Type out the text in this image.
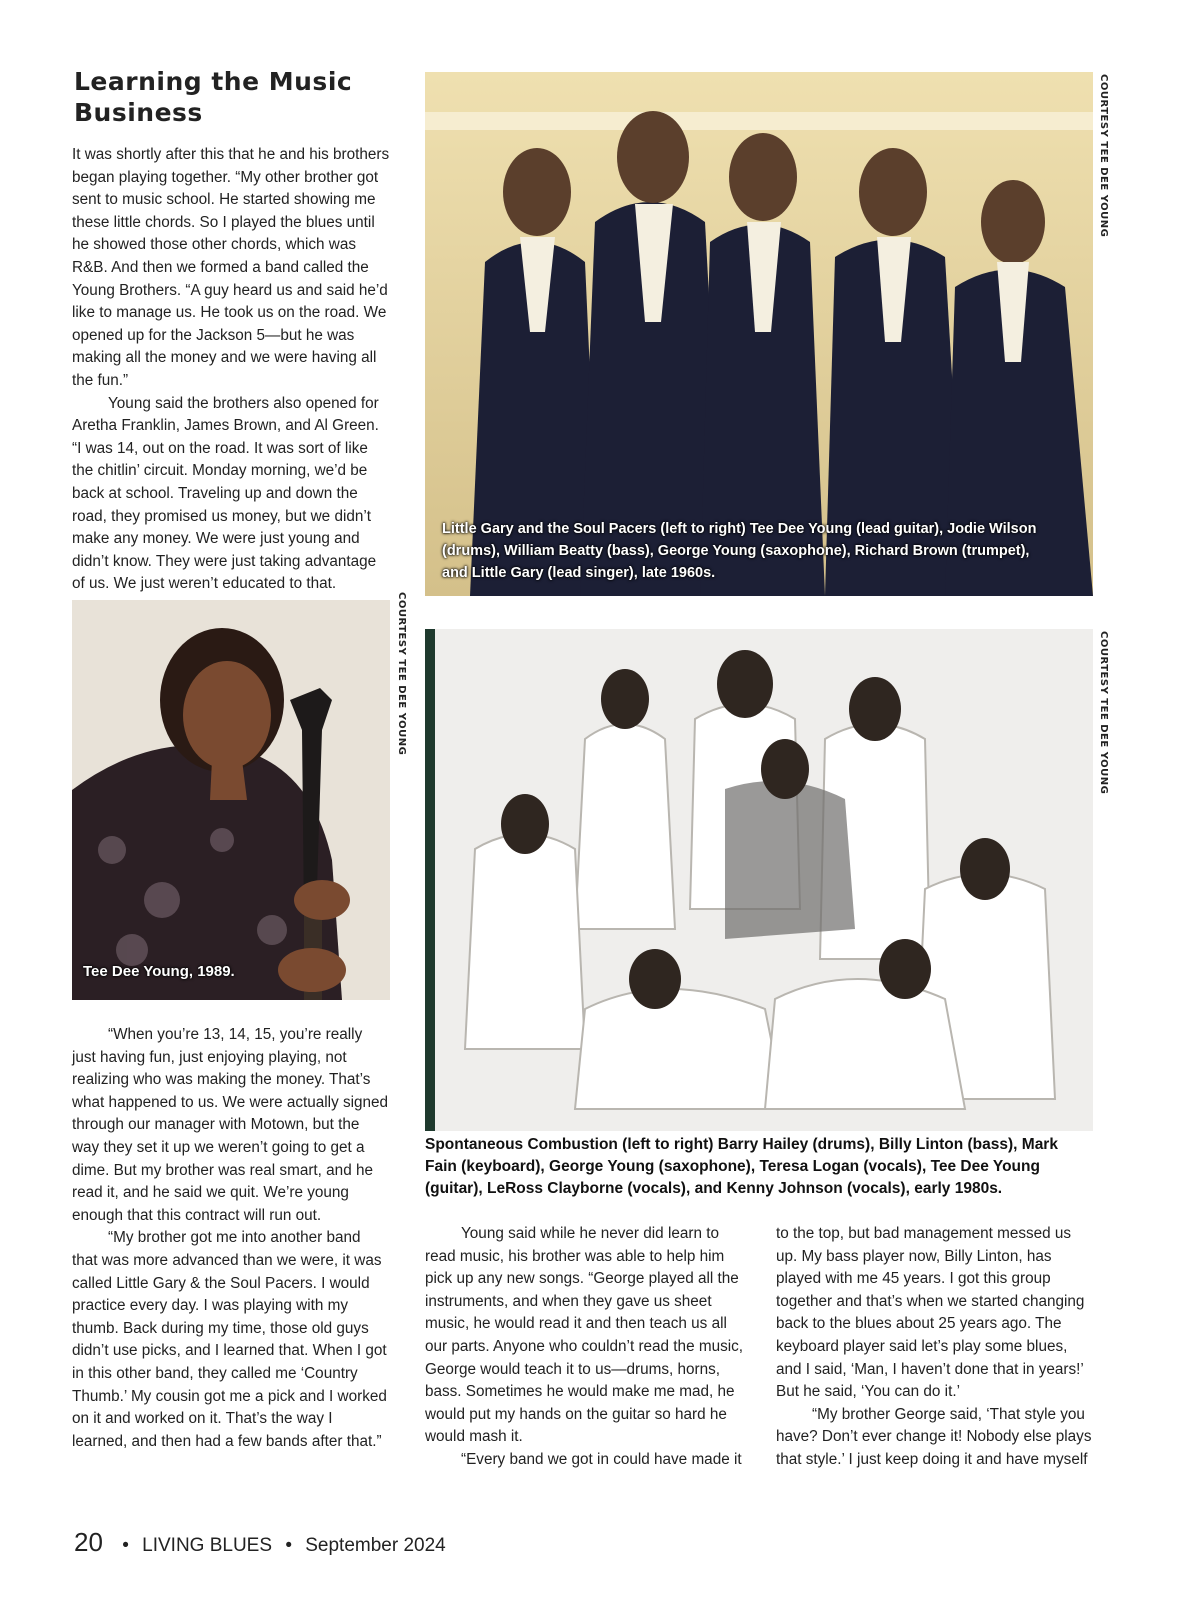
Learning the Music Business

It was shortly after this that he and his brothers began playing together. “My other brother got sent to music school. He started showing me these little chords. So I played the blues until he showed those other chords, which was R&B. And then we formed a band called the Young Brothers. “A guy heard us and said he’d like to manage us. He took us on the road. We opened up for the Jackson 5—but he was making all the money and we were having all the fun.”

Young said the brothers also opened for Aretha Franklin, James Brown, and Al Green. “I was 14, out on the road. It was sort of like the chitlin’ circuit. Monday morning, we’d be back at school. Traveling up and down the road, they promised us money, but we didn’t make any money. We were just young and didn’t know. They were just taking advantage of us. We just weren’t educated to that.

Little Gary and the Soul Pacers (left to right) Tee Dee Young (lead guitar), Jodie Wilson (drums), William Beatty (bass), George Young (saxophone), Richard Brown (trumpet), and Little Gary (lead singer), late 1960s.
COURTESY TEE DEE YOUNG
Tee Dee Young, 1989.
COURTESY TEE DEE YOUNG	COURTESY TEE DEE YOUNG
Spontaneous Combustion (left to right) Barry Hailey (drums), Billy Linton (bass), Mark Fain (keyboard), George Young (saxophone), Teresa Logan (vocals), Tee Dee Young (guitar), LeRoss Clayborne (vocals), and Kenny Johnson (vocals), early 1980s.

“When you’re 13, 14, 15, you’re really just having fun, just enjoying playing, not realizing who was making the money. That’s what happened to us. We were actually signed through our manager with Motown, but the way they set it up we weren’t going to get a dime. But my brother was real smart, and he read it, and he said we quit. We’re young enough that this contract will run out.

“My brother got me into another band that was more advanced than we were, it was called Little Gary & the Soul Pacers. I would practice every day. I was playing with my thumb. Back during my time, those old guys didn’t use picks, and I learned that. When I got in this other band, they called me ‘Country Thumb.’ My cousin got me a pick and I worked on it and worked on it. That’s the way I learned, and then had a few bands after that.”

Young said while he never did learn to read music, his brother was able to help him pick up any new songs. “George played all the instruments, and when they gave us sheet music, he would read it and then teach us all our parts. Anyone who couldn’t read the music, George would teach it to us—drums, horns, bass. Sometimes he would make me mad, he would put my hands on the guitar so hard he would mash it.

“Every band we got in could have made it

to the top, but bad management messed us up. My bass player now, Billy Linton, has played with me 45 years. I got this group together and that’s when we started changing back to the blues about 25 years ago. The keyboard player said let’s play some blues, and I said, ‘Man, I haven’t done that in years!’ But he said, ‘You can do it.’

“My brother George said, ‘That style you have? Don’t ever change it! Nobody else plays that style.’ I just keep doing it and have myself

20 • LIVING BLUES • September 2024
